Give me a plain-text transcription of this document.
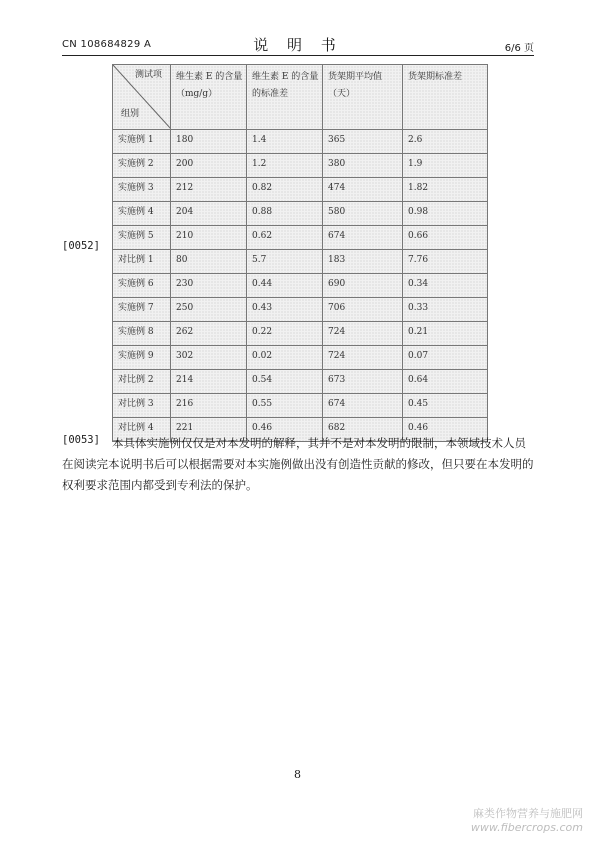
CN 108684829 A	说 明 书	6/6 页
[0052]
测试项
组别
	维生素 E 的含量（mg/g）	维生素 E 的含量的标准差	货架期平均值（天）	货架期标准差
实施例 1	180	1.4	365	2.6
实施例 2	200	1.2	380	1.9
实施例 3	212	0.82	474	1.82
实施例 4	204	0.88	580	0.98
实施例 5	210	0.62	674	0.66
对比例 1	80	5.7	183	7.76
实施例 6	230	0.44	690	0.34
实施例 7	250	0.43	706	0.33
实施例 8	262	0.22	724	0.21
实施例 9	302	0.02	724	0.07
对比例 2	214	0.54	673	0.64
对比例 3	216	0.55	674	0.45
对比例 4	221	0.46	682	0.46
[0053]	本具体实施例仅仅是对本发明的解释，其并不是对本发明的限制，本领域技术人员在阅读完本说明书后可以根据需要对本实施例做出没有创造性贡献的修改，但只要在本发明的权利要求范围内都受到专利法的保护。

8
麻类作物营养与施肥网
www.fibercrops.com
